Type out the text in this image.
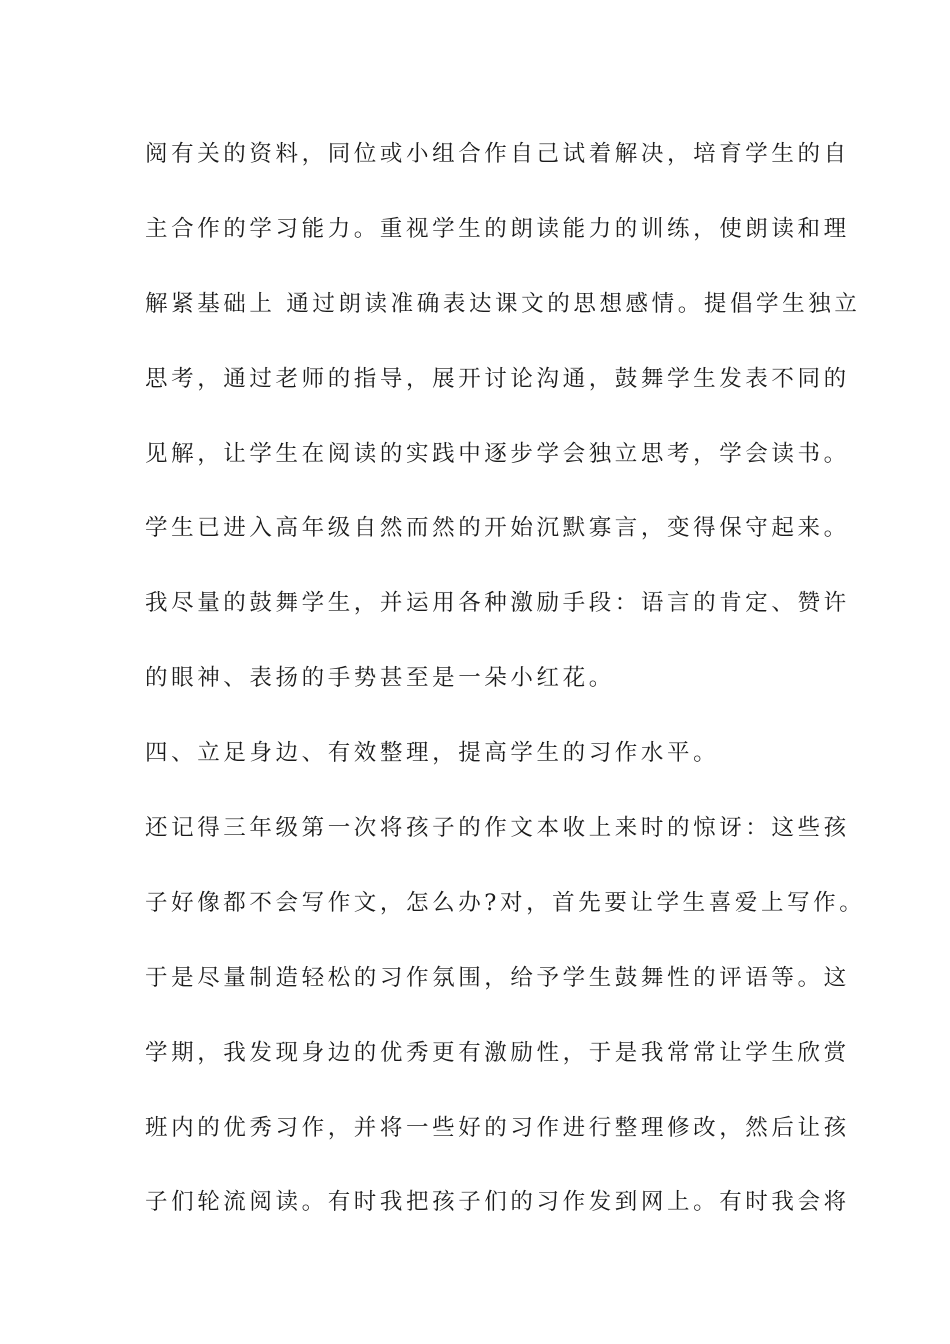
阅有关的资料，同位或小组合作自己试着解决，培育学生的自
主合作的学习能力。重视学生的朗读能力的训练，使朗读和理
解紧基础上 通过朗读准确表达课文的思想感情。提倡学生独立
思考，通过老师的指导，展开讨论沟通，鼓舞学生发表不同的
见解，让学生在阅读的实践中逐步学会独立思考，学会读书。
学生已进入高年级自然而然的开始沉默寡言，变得保守起来。
我尽量的鼓舞学生，并运用各种激励手段：语言的肯定、赞许
的眼神、表扬的手势甚至是一朵小红花。
四、立足身边、有效整理，提高学生的习作水平。
还记得三年级第一次将孩子的作文本收上来时的惊讶：这些孩
子好像都不会写作文，怎么办?对，首先要让学生喜爱上写作。
于是尽量制造轻松的习作氛围，给予学生鼓舞性的评语等。这
学期，我发现身边的优秀更有激励性，于是我常常让学生欣赏
班内的优秀习作，并将一些好的习作进行整理修改，然后让孩
子们轮流阅读。有时我把孩子们的习作发到网上。有时我会将
